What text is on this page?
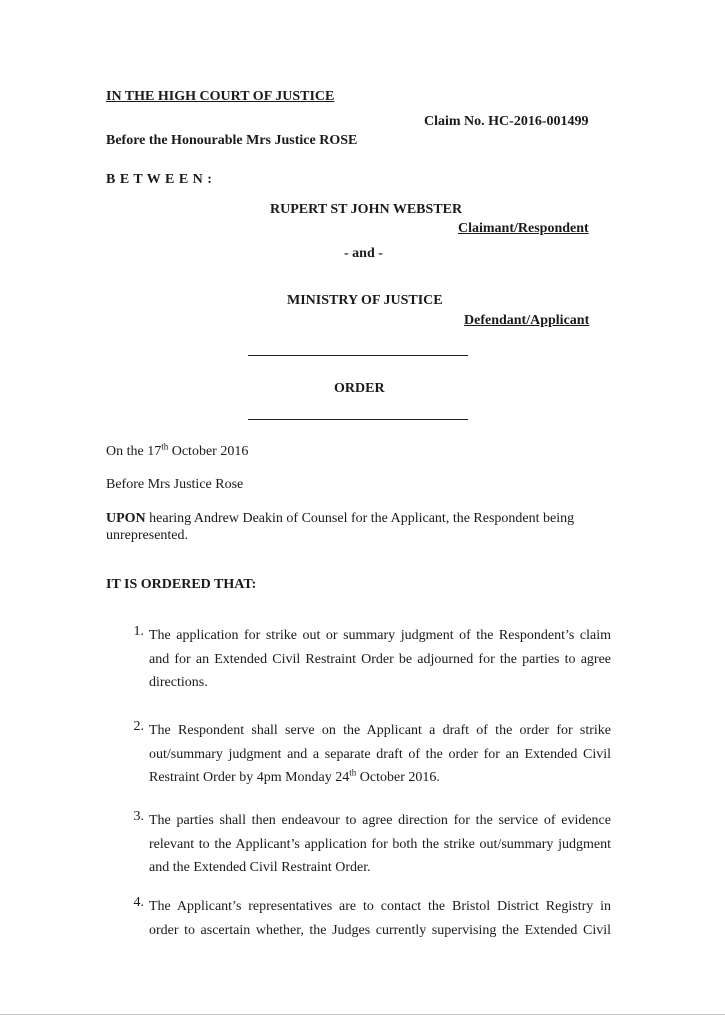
IN THE HIGH COURT OF JUSTICE
Claim No. HC-2016-001499
Before the Honourable Mrs Justice ROSE
B E T W E E N :
RUPERT ST JOHN WEBSTER
Claimant/Respondent
- and -
MINISTRY OF JUSTICE
Defendant/Applicant
ORDER
On the 17th October 2016
Before Mrs Justice Rose
UPON hearing Andrew Deakin of Counsel for the Applicant, the Respondent being
unrepresented.
IT IS ORDERED THAT:
1. The application for strike out or summary judgment of the Respondent’s claim
and for an Extended Civil Restraint Order be adjourned for the parties to agree
directions.
2. The Respondent shall serve on the Applicant a draft of the order for strike
out/summary judgment and a separate draft of the order for an Extended Civil
Restraint Order by 4pm Monday 24th October 2016.
3. The parties shall then endeavour to agree direction for the service of evidence
relevant to the Applicant’s application for both the strike out/summary judgment
and the Extended Civil Restraint Order.
4. The Applicant’s representatives are to contact the Bristol District Registry in
order to ascertain whether, the Judges currently supervising the Extended Civil
